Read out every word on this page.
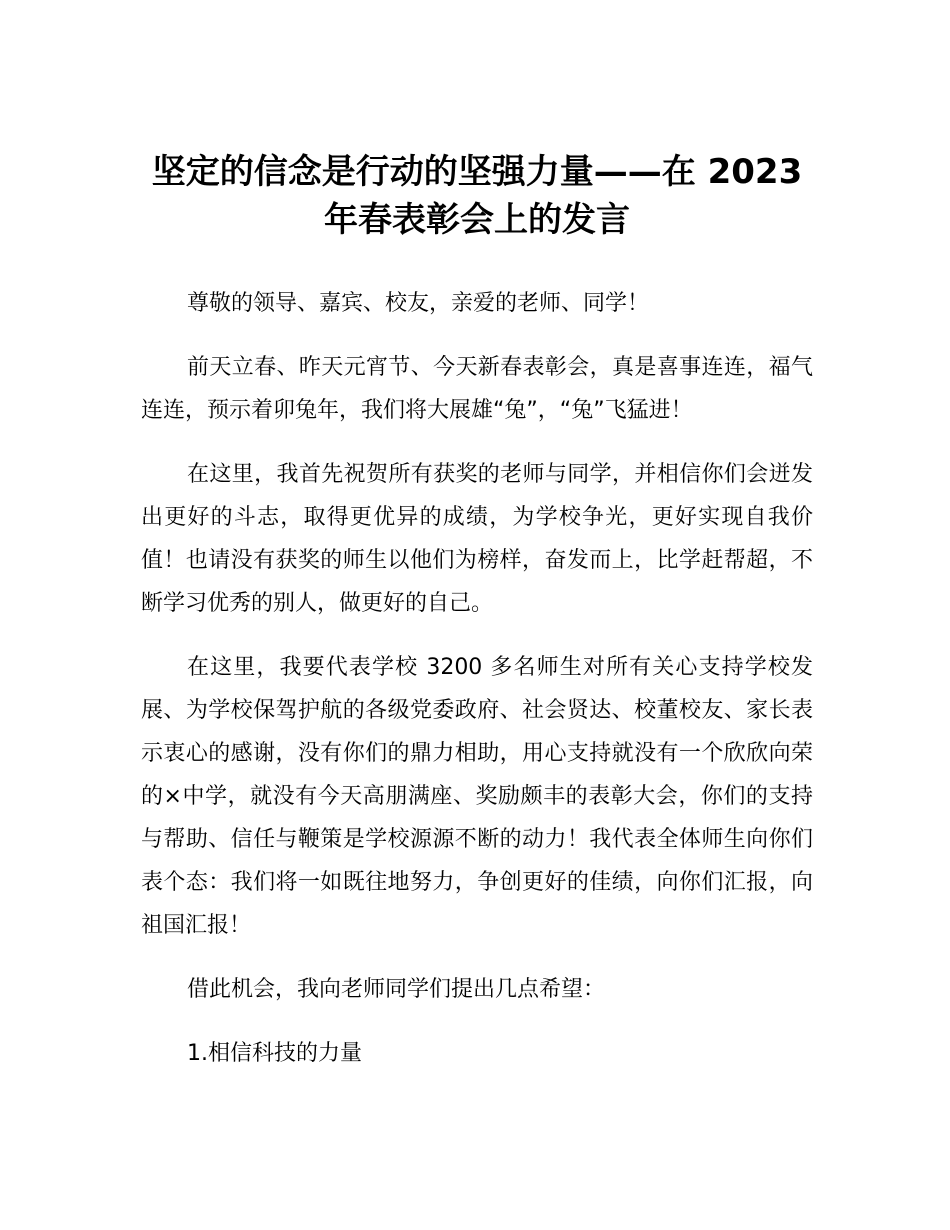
坚定的信念是行动的坚强力量——在 2023 年春表彰会上的发言

尊敬的领导、嘉宾、校友，亲爱的老师、同学！

前天立春、昨天元宵节、今天新春表彰会，真是喜事连连，福气连连，预示着卯兔年，我们将大展雄“兔”，“兔”飞猛进！

在这里，我首先祝贺所有获奖的老师与同学，并相信你们会迸发出更好的斗志，取得更优异的成绩，为学校争光，更好实现自我价值！也请没有获奖的师生以他们为榜样，奋发而上，比学赶帮超，不断学习优秀的别人，做更好的自己。

在这里，我要代表学校 3200 多名师生对所有关心支持学校发展、为学校保驾护航的各级党委政府、社会贤达、校董校友、家长表示衷心的感谢，没有你们的鼎力相助，用心支持就没有一个欣欣向荣的×中学，就没有今天高朋满座、奖励颇丰的表彰大会，你们的支持与帮助、信任与鞭策是学校源源不断的动力！我代表全体师生向你们表个态：我们将一如既往地努力，争创更好的佳绩，向你们汇报，向祖国汇报！

借此机会，我向老师同学们提出几点希望：

1.相信科技的力量
